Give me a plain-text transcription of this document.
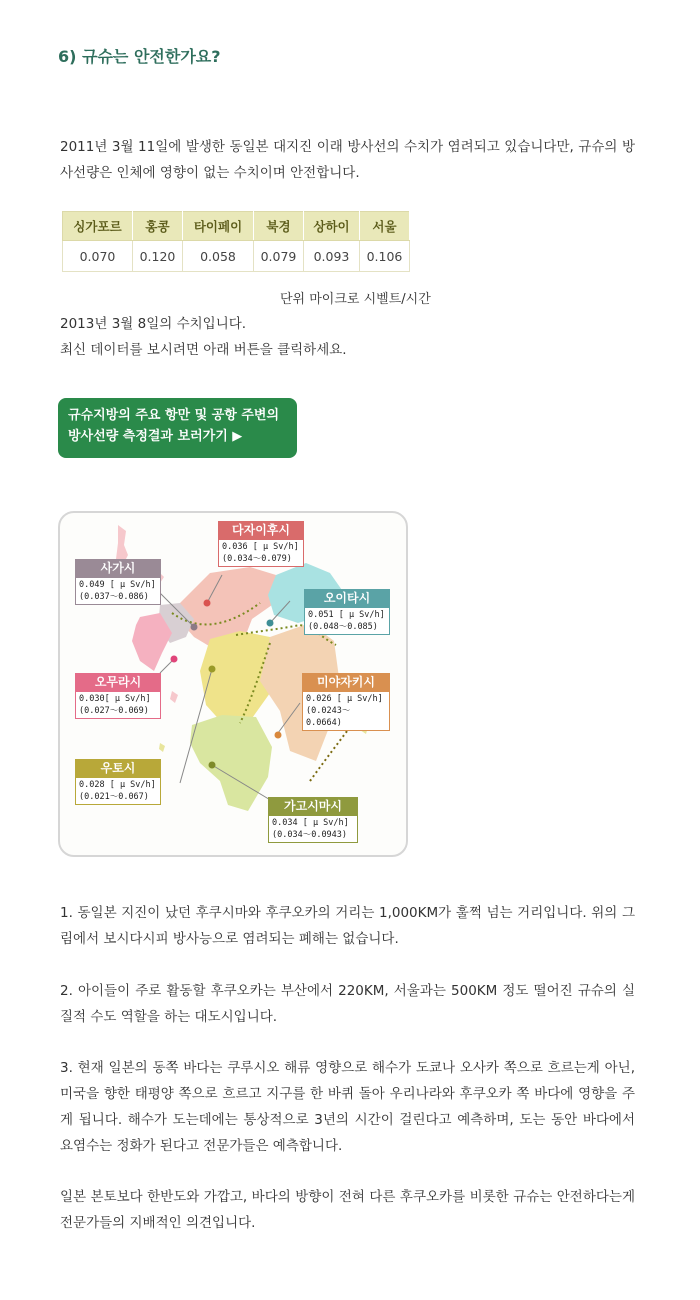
6) 규슈는 안전한가요?
2011년 3월 11일에 발생한 동일본 대지진 이래 방사선의 수치가 염려되고 있습니다만, 규슈의 방사선량은 인체에 영향이 없는 수치이며 안전합니다.
싱가포르	홍콩	타이페이	북경	상하이	서울
0.070	0.120	0.058	0.079	0.093	0.106
단위 마이크로 시벨트/시간
2013년 3월 8일의 수치입니다.
최신 데이터를 보시려면 아래 버튼을 클릭하세요.
규슈지방의 주요 항만 및 공항 주변의
방사선량 측정결과 보러가기 ▶
다자이후시
0.036 [ μ Sv/h]
(0.034～0.079)
사가시
0.049 [ μ Sv/h]
(0.037～0.086)	오이타시
0.051 [ μ Sv/h]
(0.048～0.085)
오무라시
0.030[ μ Sv/h]
(0.027～0.069)
미야자키시
0.026 [ μ Sv/h]
(0.0243～0.0664)
우토시
0.028 [ μ Sv/h]
(0.021～0.067)
가고시마시
0.034 [ μ Sv/h]
(0.034～0.0943)
1. 동일본 지진이 났던 후쿠시마와 후쿠오카의 거리는 1,000KM가 훌쩍 넘는 거리입니다. 위의 그림에서 보시다시피 방사능으로 염려되는 폐해는 없습니다.
2. 아이들이 주로 활동할 후쿠오카는 부산에서 220KM, 서울과는 500KM 정도 떨어진 규슈의 실질적 수도 역할을 하는 대도시입니다.
3. 현재 일본의 동쪽 바다는 쿠루시오 해류 영향으로 해수가 도쿄나 오사카 쪽으로 흐르는게 아닌, 미국을 향한 태평양 쪽으로 흐르고 지구를 한 바퀴 돌아 우리나라와 후쿠오카 쪽 바다에 영향을 주게 됩니다. 해수가 도는데에는 통상적으로 3년의 시간이 걸린다고 예측하며, 도는 동안 바다에서 요염수는 정화가 된다고 전문가들은 예측합니다.
일본 본토보다 한반도와 가깝고, 바다의 방향이 전혀 다른 후쿠오카를 비롯한 규슈는 안전하다는게 전문가들의 지배적인 의견입니다.
